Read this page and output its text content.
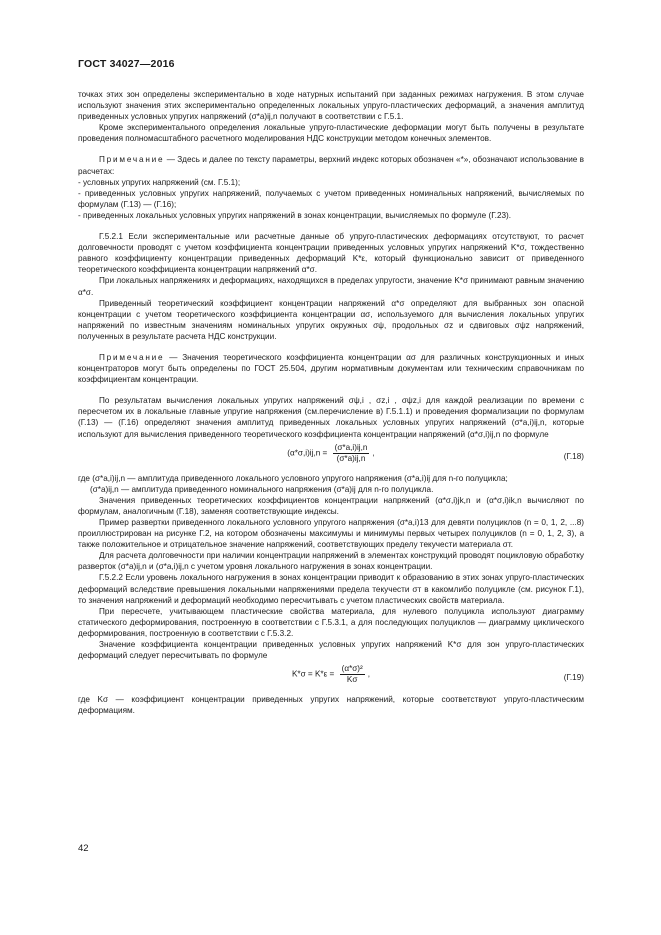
ГОСТ 34027—2016

точках этих зон определены экспериментально в ходе натурных испытаний при заданных режимах нагружения. В этом случае используют значения этих экспериментально определенных локальных упруго-пластических деформаций, а значения амплитуд приведенных условных упругих напряжений (σ*a)ij,n получают в соответствии с Г.5.1.

Кроме экспериментального определения локальные упруго-пластические деформации могут быть получены в результате проведения полномасштабного расчетного моделирования НДС конструкции методом конечных элементов.

Примечание — Здесь и далее по тексту параметры, верхний индекс которых обозначен «*», обозначают использование в расчетах:

- условных упругих напряжений (см. Г.5.1);

- приведенных условных упругих напряжений, получаемых с учетом приведенных номинальных напряжений, вычисляемых по формулам (Г.13) — (Г.16);

- приведенных локальных условных упругих напряжений в зонах концентрации, вычисляемых по формуле (Г.23).

Г.5.2.1 Если экспериментальные или расчетные данные об упруго-пластических деформациях отсутствуют, то расчет долговечности проводят с учетом коэффициента концентрации приведенных условных упругих напряжений K*σ, тождественно равного коэффициенту концентрации приведенных деформаций K*ε, который функционально зависит от приведенного теоретического коэффициента концентрации напряжений α*σ.

При локальных напряжениях и деформациях, находящихся в пределах упругости, значение K*σ принимают равным значению α*σ.

Приведенный теоретический коэффициент концентрации напряжений α*σ определяют для выбранных зон опасной концентрации с учетом теоретического коэффициента концентрации ασ, используемого для вычисления локальных упругих напряжений по известным значениям номинальных упругих окружных σψ, продольных σz и сдвиговых σψz напряжений, полученных в результате расчета НДС конструкции.

Примечание — Значения теоретического коэффициента концентрации ασ для различных конструкционных и иных концентраторов могут быть определены по ГОСТ 25.504, другим нормативным документам или техническим справочникам по коэффициентам концентрации.

По результатам вычисления локальных упругих напряжений σψ,i , σz,i , σψz,i для каждой реализации по времени с пересчетом их в локальные главные упругие напряжения (см.перечисление в) Г.5.1.1) и проведения формализации по формулам (Г.13) — (Г.16) определяют значения амплитуд приведенных локальных условных упругих напряжений (σ*a,i)ij,n, которые используют для вычисления приведенного теоретического коэффициента концентрации напряжений (α*σ,i)ij,n по формуле

$(\alpha*\sigma,i)ij,n = \frac{(\sigma*a,i)ij,n}{(\sigma*a)ij,n}$ ,	(Г.18)

где (σ*a,i)ij,n — амплитуда приведенного локального условного упругого напряжения (σ*a,i)ij для n-го полуцикла;

(σ*a)ij,n — амплитуда приведенного номинального напряжения (σ*a)ij для n-го полуцикла.

Значения приведенных теоретических коэффициентов концентрации напряжений (α*σ,i)jk,n и (α*σ,i)ik,n вычисляют по формулам, аналогичным (Г.18), заменяя соответствующие индексы.

Пример развертки приведенного локального условного упругого напряжения (σ*a,i)13 для девяти полуциклов (n = 0, 1, 2, ...8) проиллюстрирован на рисунке Г.2, на котором обозначены максимумы и минимумы первых четырех полуциклов (n = 0, 1, 2, 3), а также положительное и отрицательное значение напряжений, соответствующих пределу текучести материала σт.

Для расчета долговечности при наличии концентрации напряжений в элементах конструкций проводят поцикловую обработку разверток (σ*a)ij,n и (σ*a,i)ij,n с учетом уровня локального нагружения в зонах концентрации.

Г.5.2.2 Если уровень локального нагружения в зонах концентрации приводит к образованию в этих зонах упруго-пластических деформаций вследствие превышения локальными напряжениями предела текучести σт в какомлибо полуцикле (см. рисунок Г.1), то значения напряжений и деформаций необходимо пересчитывать с учетом пластических свойств материала.

При пересчете, учитывающем пластические свойства материала, для нулевого полуцикла используют диаграмму статического деформирования, построенную в соответствии с Г.5.3.1, а для последующих полуциклов — диаграмму циклического деформирования, построенную в соответствии с Г.5.3.2.

Значение коэффициента концентрации приведенных условных упругих напряжений K*σ для зон упруго-пластических деформаций следует пересчитывать по формуле

$K*\sigma = K*\varepsilon = \frac{\text{(α*σ)²}}{K\sigma}$ ,	(Г.19)

где Kσ — коэффициент концентрации приведенных упругих напряжений, которые соответствуют упруго-пластическим деформациям.

42
